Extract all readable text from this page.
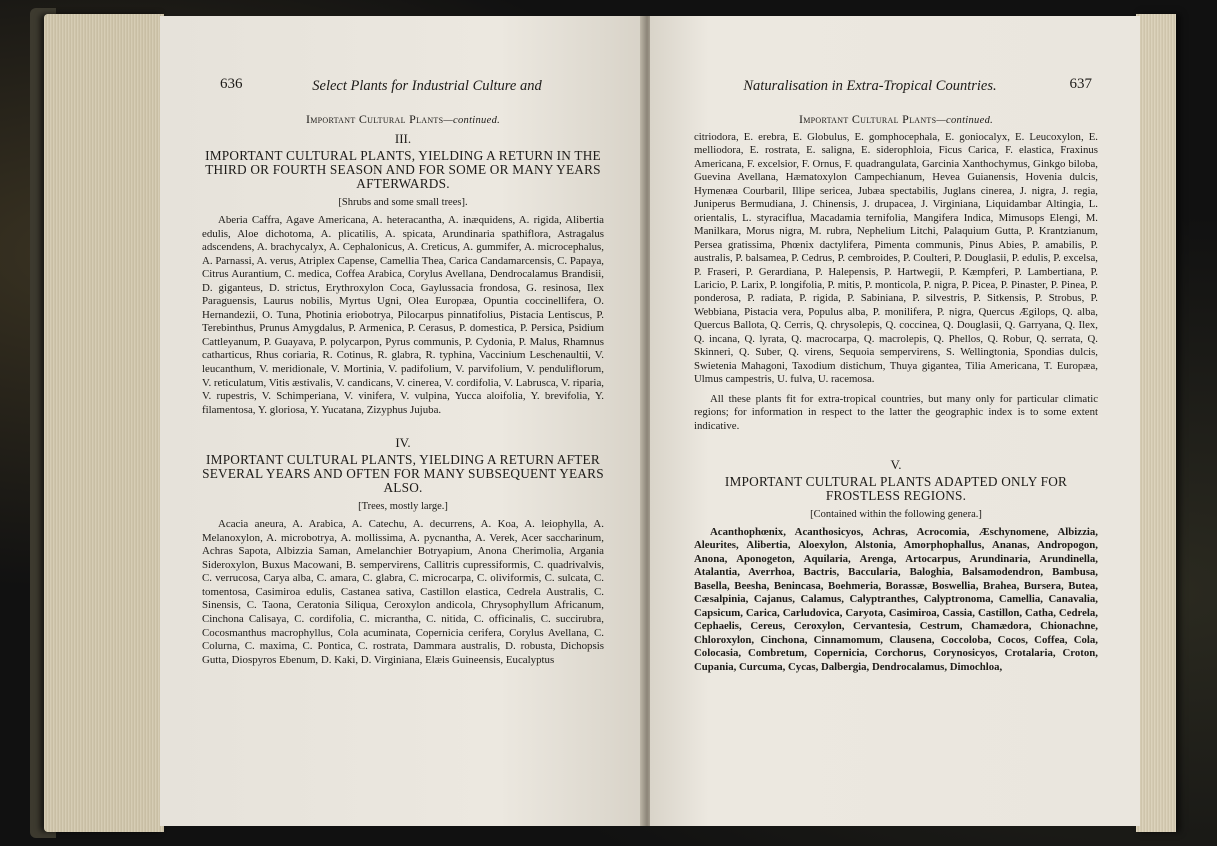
636	Select Plants for Industrial Culture and
Important Cultural Plants—continued.
III.
IMPORTANT CULTURAL PLANTS, YIELDING A RETURN IN THE THIRD OR FOURTH SEASON AND FOR SOME OR MANY YEARS AFTERWARDS.
[Shrubs and some small trees].

Aberia Caffra, Agave Americana, A. heteracantha, A. inæquidens, A. rigida, Alibertia edulis, Aloe dichotoma, A. plicatilis, A. spicata, Arundinaria spathiflora, Astragalus adscendens, A. brachycalyx, A. Cephalonicus, A. Creticus, A. gummifer, A. microcephalus, A. Parnassi, A. verus, Atriplex Capense, Camellia Thea, Carica Candamarcensis, C. Papaya, Citrus Aurantium, C. medica, Coffea Arabica, Corylus Avellana, Dendrocalamus Brandisii, D. giganteus, D. strictus, Erythroxylon Coca, Gaylussacia frondosa, G. resinosa, Ilex Paraguensis, Laurus nobilis, Myrtus Ugni, Olea Europæa, Opuntia coccinellifera, O. Hernandezii, O. Tuna, Photinia eriobotrya, Pilocarpus pinnatifolius, Pistacia Lentiscus, P. Terebinthus, Prunus Amygdalus, P. Armenica, P. Cerasus, P. domestica, P. Persica, Psidium Cattleyanum, P. Guayava, P. polycarpon, Pyrus communis, P. Cydonia, P. Malus, Rhamnus catharticus, Rhus coriaria, R. Cotinus, R. glabra, R. typhina, Vaccinium Leschenaultii, V. leucanthum, V. meridionale, V. Mortinia, V. padifolium, V. parvifolium, V. penduliflorum, V. reticulatum, Vitis æstivalis, V. candicans, V. cinerea, V. cordifolia, V. Labrusca, V. riparia, V. rupestris, V. Schimperiana, V. vinifera, V. vulpina, Yucca aloifolia, Y. brevifolia, Y. filamentosa, Y. gloriosa, Y. Yucatana, Zizyphus Jujuba.

IV.
IMPORTANT CULTURAL PLANTS, YIELDING A RETURN AFTER SEVERAL YEARS AND OFTEN FOR MANY SUBSEQUENT YEARS ALSO.
[Trees, mostly large.]

Acacia aneura, A. Arabica, A. Catechu, A. decurrens, A. Koa, A. leiophylla, A. Melanoxylon, A. microbotrya, A. mollissima, A. pycnantha, A. Verek, Acer saccharinum, Achras Sapota, Albizzia Saman, Amelanchier Botryapium, Anona Cherimolia, Argania Sideroxylon, Buxus Macowani, B. sempervirens, Callitris cupressiformis, C. quadrivalvis, C. verrucosa, Carya alba, C. amara, C. glabra, C. microcarpa, C. oliviformis, C. sulcata, C. tomentosa, Casimiroa edulis, Castanea sativa, Castillon elastica, Cedrela Australis, C. Sinensis, C. Taona, Ceratonia Siliqua, Ceroxylon andicola, Chrysophyllum Africanum, Cinchona Calisaya, C. cordifolia, C. micrantha, C. nitida, C. officinalis, C. succirubra, Cocosmanthus macrophyllus, Cola acuminata, Copernicia cerifera, Corylus Avellana, C. Colurna, C. maxima, C. Pontica, C. rostrata, Dammara australis, D. robusta, Dichopsis Gutta, Diospyros Ebenum, D. Kaki, D. Virginiana, Elæis Guineensis, Eucalyptus

Naturalisation in Extra-Tropical Countries.	637
Important Cultural Plants—continued.

citriodora, E. erebra, E. Globulus, E. gomphocephala, E. goniocalyx, E. Leucoxylon, E. melliodora, E. rostrata, E. saligna, E. siderophloia, Ficus Carica, F. elastica, Fraxinus Americana, F. excelsior, F. Ornus, F. quadrangulata, Garcinia Xanthochymus, Ginkgo biloba, Guevina Avellana, Hæmatoxylon Campechianum, Hevea Guianensis, Hovenia dulcis, Hymenæa Courbaril, Illipe sericea, Jubæa spectabilis, Juglans cinerea, J. nigra, J. regia, Juniperus Bermudiana, J. Chinensis, J. drupacea, J. Virginiana, Liquidambar Altingia, L. orientalis, L. styraciflua, Macadamia ternifolia, Mangifera Indica, Mimusops Elengi, M. Manilkara, Morus nigra, M. rubra, Nephelium Litchi, Palaquium Gutta, P. Krantzianum, Persea gratissima, Phœnix dactylifera, Pimenta communis, Pinus Abies, P. amabilis, P. australis, P. balsamea, P. Cedrus, P. cembroides, P. Coulteri, P. Douglasii, P. edulis, P. excelsa, P. Fraseri, P. Gerardiana, P. Halepensis, P. Hartwegii, P. Kæmpferi, P. Lambertiana, P. Laricio, P. Larix, P. longifolia, P. mitis, P. monticola, P. nigra, P. Picea, P. Pinaster, P. Pinea, P. ponderosa, P. radiata, P. rigida, P. Sabiniana, P. silvestris, P. Sitkensis, P. Strobus, P. Webbiana, Pistacia vera, Populus alba, P. monilifera, P. nigra, Quercus Ægilops, Q. alba, Quercus Ballota, Q. Cerris, Q. chrysolepis, Q. coccinea, Q. Douglasii, Q. Garryana, Q. Ilex, Q. incana, Q. lyrata, Q. macrocarpa, Q. macrolepis, Q. Phellos, Q. Robur, Q. serrata, Q. Skinneri, Q. Suber, Q. virens, Sequoia sempervirens, S. Wellingtonia, Spondias dulcis, Swietenia Mahagoni, Taxodium distichum, Thuya gigantea, Tilia Americana, T. Europæa, Ulmus campestris, U. fulva, U. racemosa.

All these plants fit for extra-tropical countries, but many only for particular climatic regions; for information in respect to the latter the geographic index is to some extent indicative.

V.
IMPORTANT CULTURAL PLANTS ADAPTED ONLY FOR FROSTLESS REGIONS.
[Contained within the following genera.]

Acanthophœnix, Acanthosicyos, Achras, Acrocomia, Æschynomene, Albizzia, Aleurites, Alibertia, Aloexylon, Alstonia, Amorphophallus, Ananas, Andropogon, Anona, Aponogeton, Aquilaria, Arenga, Artocarpus, Arundinaria, Arundinella, Atalantia, Averrhoa, Bactris, Baccularia, Baloghia, Balsamodendron, Bambusa, Basella, Beesha, Benincasa, Boehmeria, Borassæ, Boswellia, Brahea, Bursera, Butea, Cæsalpinia, Cajanus, Calamus, Calyptranthes, Calyptronoma, Camellia, Canavalia, Capsicum, Carica, Carludovica, Caryota, Casimiroa, Cassia, Castillon, Catha, Cedrela, Cephaelis, Cereus, Ceroxylon, Cervantesia, Cestrum, Chamædora, Chionachne, Chloroxylon, Cinchona, Cinnamomum, Clausena, Coccoloba, Cocos, Coffea, Cola, Colocasia, Combretum, Copernicia, Corchorus, Corynosicyos, Crotalaria, Croton, Cupania, Curcuma, Cycas, Dalbergia, Dendrocalamus, Dimochloa,
